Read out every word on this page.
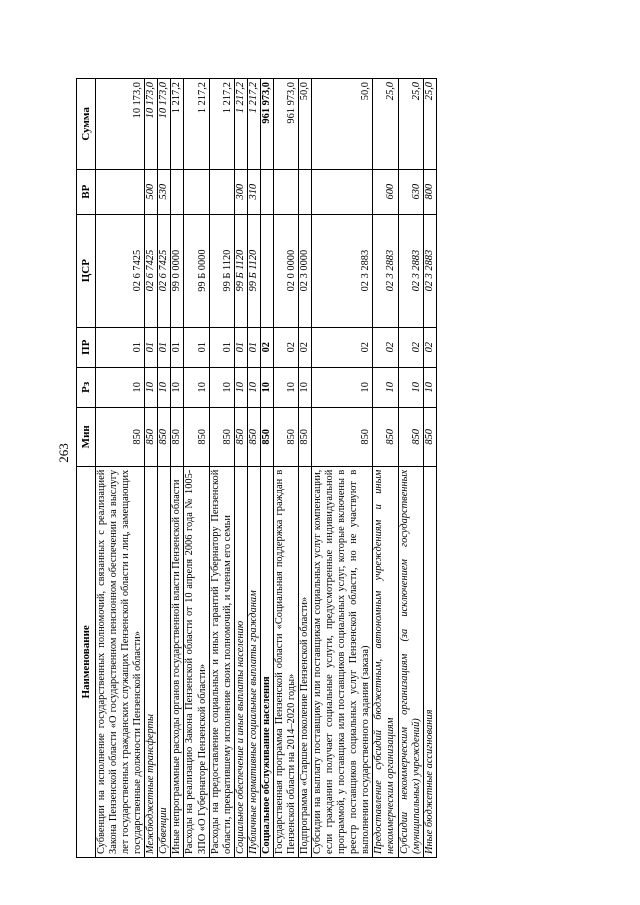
263
Наименование	Мин	Рз	ПР	ЦСР	ВР	Сумма
Субвенции на исполнение государственных полномочий, связанных с реализацией Закона Пензенской области «О государственном пенсионном обеспечении за выслугу лет государственных гражданских служащих Пензенской области и лиц, замещающих государственные должности Пензенской области»	850	10	01	02 6 7425		10 173,0
Межбюджетные трансферты	850	10	01	02 6 7425	500	10 173,0
Субвенции	850	10	01	02 6 7425	530	10 173,0
Иные непрограммные расходы органов государственной власти Пензенской области	850	10	01	99 0 0000		1 217,2
Расходы на реализацию Закона Пензенской области от 10 апреля 2006 года № 1005-ЗПО «О Губернаторе Пензенской области»	850	10	01	99 Б 0000		1 217,2
Расходы на предоставление социальных и иных гарантий Губернатору Пензенской области, прекратившему исполнение своих полномочий, и членам его семьи	850	10	01	99 Б 1120		1 217,2
Социальное обеспечение и иные выплаты населению	850	10	01	99 Б 1120	300	1 217,2
Публичные нормативные социальные выплаты гражданам	850	10	01	99 Б 1120	310	1 217,2
Социальное обслуживание населения	850	10	02			961 973,0
Государственная программа Пензенской области «Социальная поддержка граждан в Пензенской области на 2014–2020 годы»	850	10	02	02 0 0000		961 973,0
Подпрограмма «Старшее поколение Пензенской области»	850	10	02	02 3 0000		50,0
Субсидии на выплату поставщику или поставщикам социальных услуг компенсации, если гражданин получает социальные услуги, предусмотренные индивидуальной программой, у поставщика или поставщиков социальных услуг, которые включены в реестр поставщиков социальных услуг Пензенской области, но не участвуют в выполнении государственного задания (заказа)	850	10	02	02 3 2883		50,0
Предоставление субсидий бюджетным, автономным учреждениям и иным некоммерческим организациям	850	10	02	02 3 2883	600	25,0
Субсидии некоммерческим организациям (за исключением государственных (муниципальных) учреждений)	850	10	02	02 3 2883	630	25,0
Иные бюджетные ассигнования	850	10	02	02 3 2883	800	25,0
